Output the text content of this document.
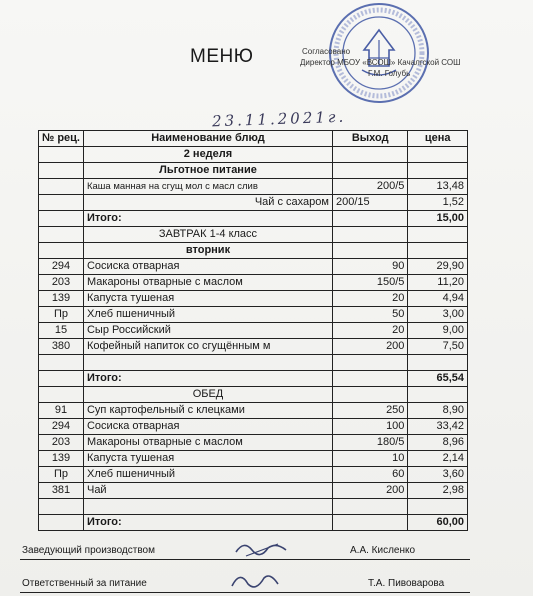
МЕНЮ	Согласовано
Директор МБОУ «ВСОШ» Качалгской СОШ
Г.М. Голубь
23.11.2021г.
№ рец.	Наименование блюд	Выход	цена
	2 неделя		
	Льготное питание		
	Каша манная на сгущ мол с масл слив	200/5	13,48
	Чай с сахаром	200/15	1,52
	Итого:		15,00
	ЗАВТРАК 1-4 класс		
	вторник		
294	Сосиска отварная	90	29,90
203	Макароны отварные с маслом	150/5	11,20
139	Капуста тушеная	20	4,94
Пр	Хлеб пшеничный	50	3,00
15	Сыр Российский	20	9,00
380	Кофейный напиток со сгущённым м	200	7,50

	Итого:		65,54
	ОБЕД		
91	Суп картофельный с клецками	250	8,90
294	Сосиска отварная	100	33,42
203	Макароны отварные с маслом	180/5	8,96
139	Капуста тушеная	10	2,14
Пр	Хлеб пшеничный	60	3,60
381	Чай	200	2,98

	Итого:		60,00
Заведующий производством	А.А. Кисленко
Ответственный за питание	Т.А. Пивоварова
